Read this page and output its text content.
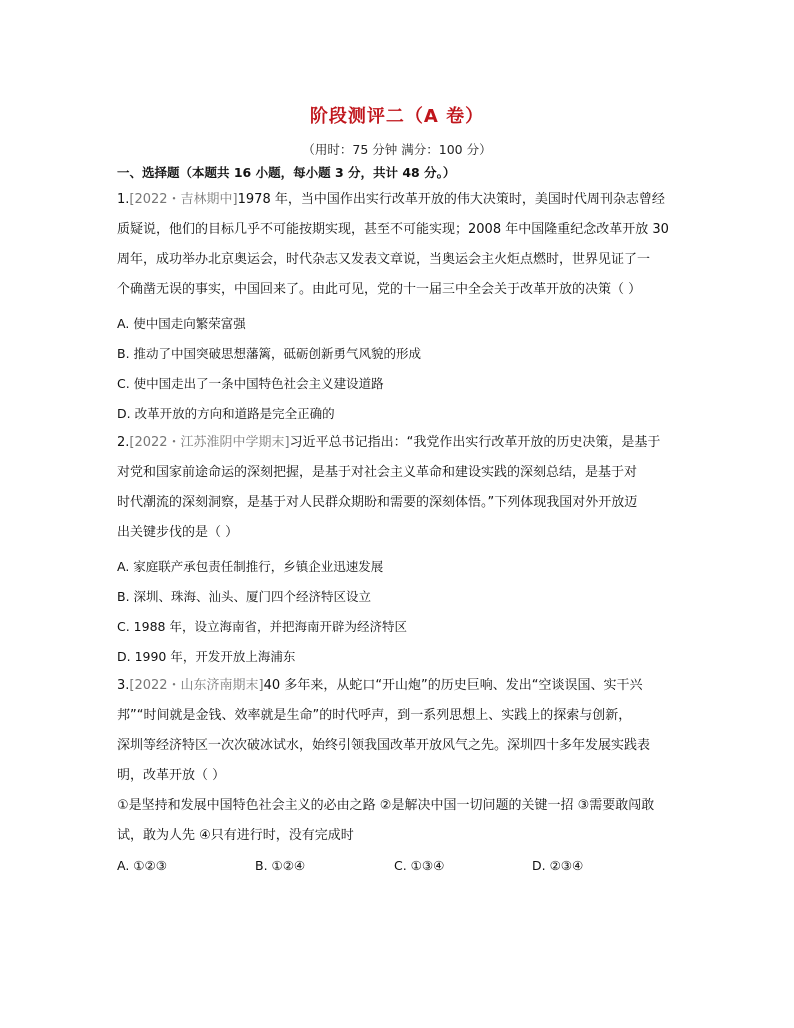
阶段测评二（A 卷）
（用时：75 分钟 满分：100 分）
一、选择题（本题共 16 小题，每小题 3 分，共计 48 分。）

1.[2022・吉林期中]1978 年，当中国作出实行改革开放的伟大决策时，美国时代周刊杂志曾经

质疑说，他们的目标几乎不可能按期实现，甚至不可能实现；2008 年中国隆重纪念改革开放 30

周年，成功举办北京奥运会，时代杂志又发表文章说，当奥运会主火炬点燃时，世界见证了一

个确凿无误的事实，中国回来了。由此可见，党的十一届三中全会关于改革开放的决策（ ）

A. 使中国走向繁荣富强
B. 推动了中国突破思想藩篱，砥砺创新勇气风貌的形成
C. 使中国走出了一条中国特色社会主义建设道路
D. 改革开放的方向和道路是完全正确的

2.[2022・江苏淮阴中学期末]习近平总书记指出：“我党作出实行改革开放的历史决策，是基于

对党和国家前途命运的深刻把握，是基于对社会主义革命和建设实践的深刻总结，是基于对

时代潮流的深刻洞察，是基于对人民群众期盼和需要的深刻体悟。”下列体现我国对外开放迈

出关键步伐的是（ ）

A. 家庭联产承包责任制推行，乡镇企业迅速发展
B. 深圳、珠海、汕头、厦门四个经济特区设立
C. 1988 年，设立海南省，并把海南开辟为经济特区
D. 1990 年，开发开放上海浦东

3.[2022・山东济南期末]40 多年来，从蛇口“开山炮”的历史巨响、发出“空谈误国、实干兴

邦”“时间就是金钱、效率就是生命”的时代呼声，到一系列思想上、实践上的探索与创新，

深圳等经济特区一次次破冰试水，始终引领我国改革开放风气之先。深圳四十多年发展实践表

明，改革开放（ ）

①是坚持和发展中国特色社会主义的必由之路 ②是解决中国一切问题的关键一招 ③需要敢闯敢

试，敢为人先 ④只有进行时，没有完成时

A. ①②③	B. ①②④	C. ①③④	D. ②③④
